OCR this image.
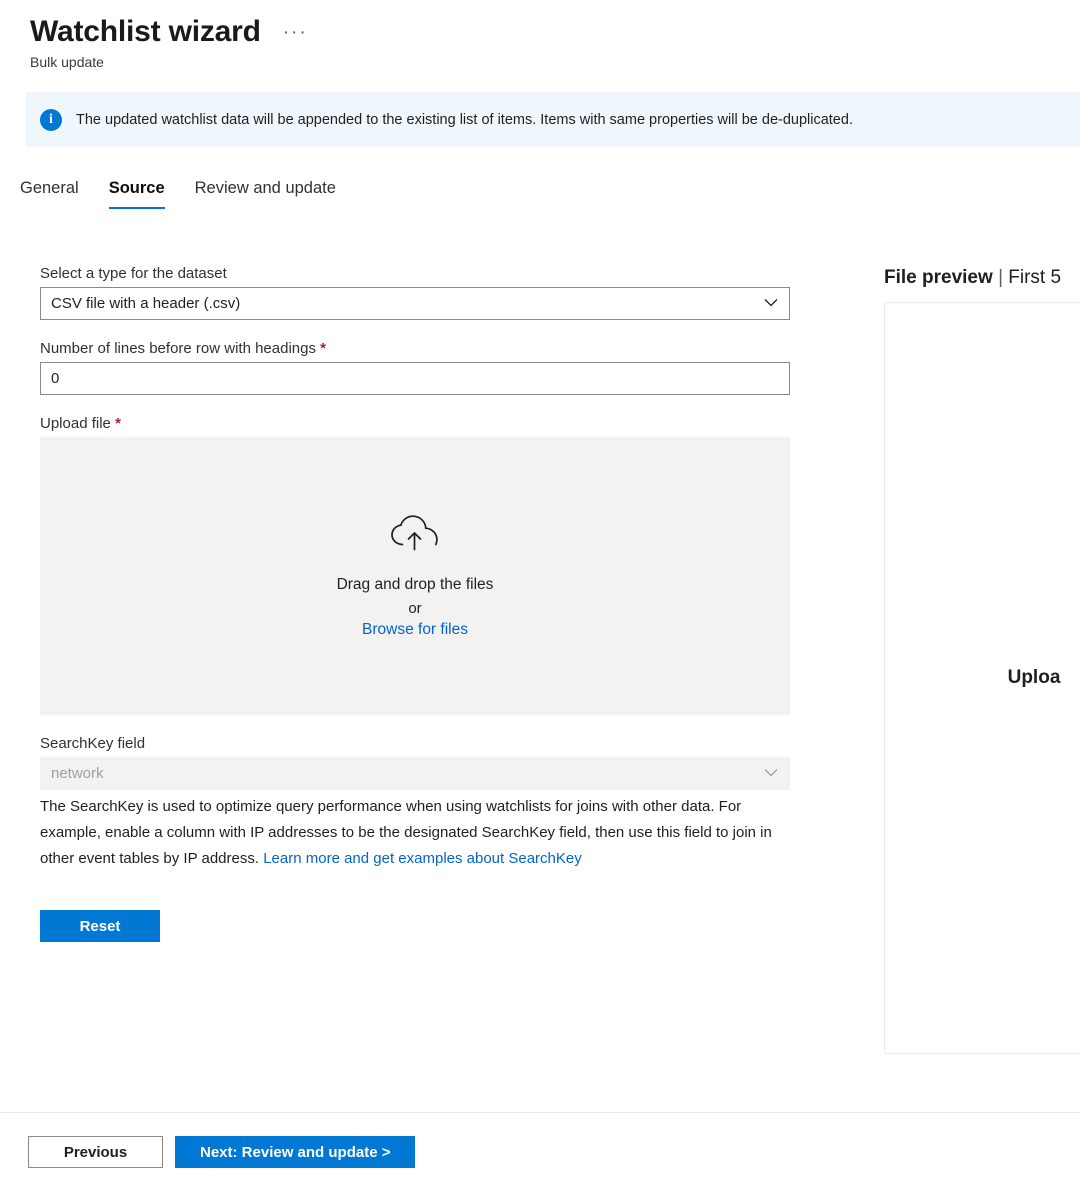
Watchlist wizard ···
Bulk update
i	The updated watchlist data will be appended to the existing list of items. Items with same properties will be de-duplicated.
General	Source	Review and update
Select a type for the dataset
CSV file with a header (.csv)
Number of lines before row with headings *
0
Upload file *
Drag and drop the files
or
Browse for files
SearchKey field
network
The SearchKey is used to optimize query performance when using watchlists for joins with other data. For example, enable a column with IP addresses to be the designated SearchKey field, then use this field to join in other event tables by IP address. Learn more and get examples about SearchKey
Reset
File preview | First 5
Uploa
Previous	Next: Review and update >
